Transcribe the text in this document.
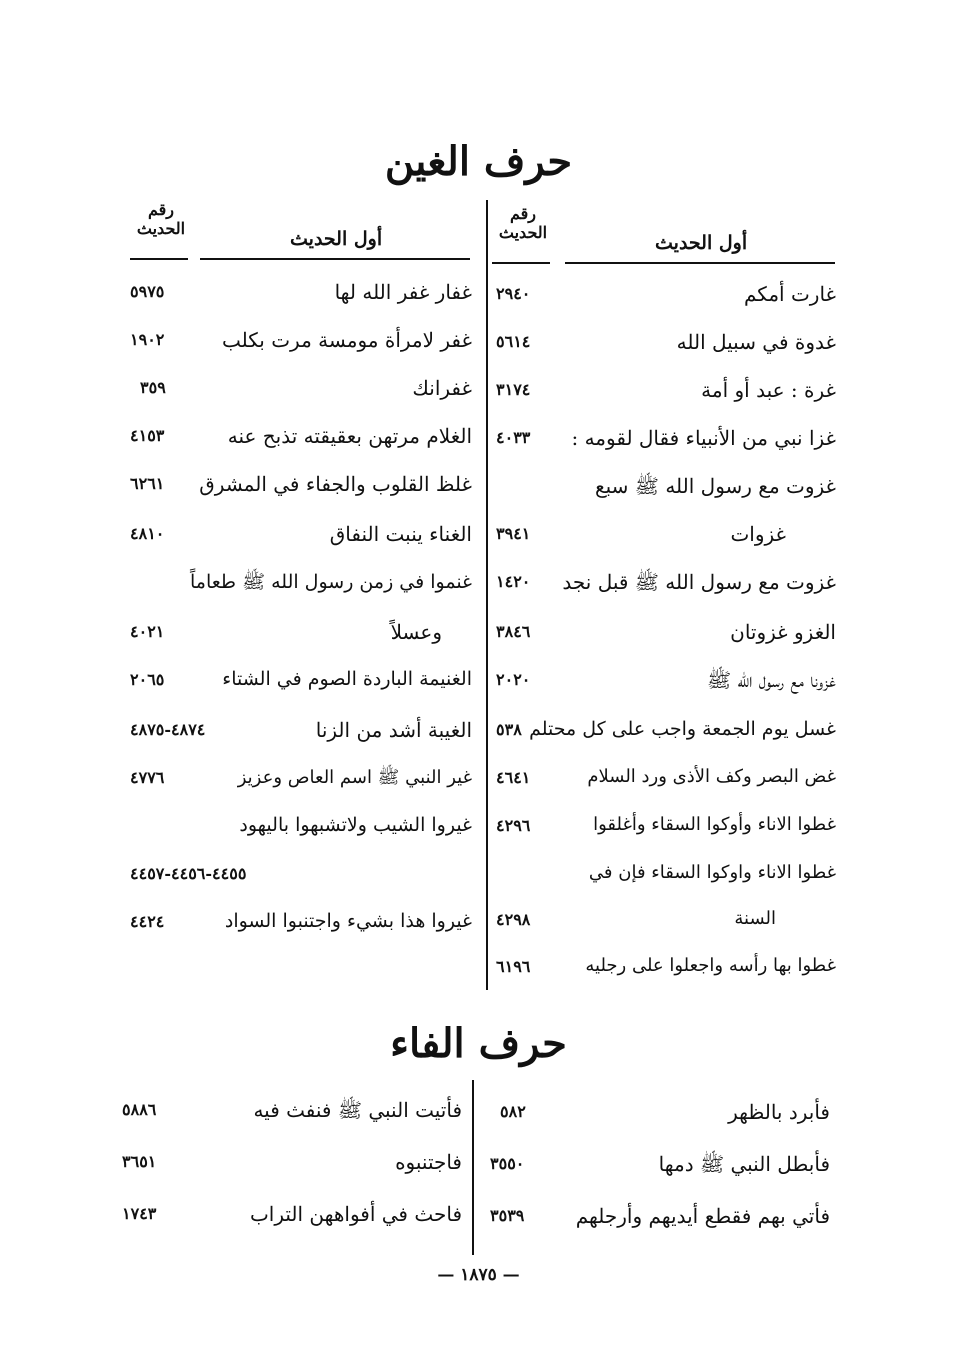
حرف الغين
أول الحديث
رقم
الحديث
أول الحديث
رقم
الحديث
غارت أمكم
٢٩٤٠
غدوة في سبيل الله
٥٦١٤
غرة : عبد أو أمة
٣١٧٤
غزا نبي من الأنبياء فقال لقومه :
٤٠٣٣
غزوت مع رسول الله ﷺ سبع
غزوات
٣٩٤١
غزوت مع رسول الله ﷺ قبل نجد
١٤٢٠
الغزو غزوتان
٣٨٤٦
غزونا مع رسول الله ﷺ
٢٠٢٠
غسل يوم الجمعة واجب على كل محتلم
٥٣٨
غض البصر وكف الأذى ورد السلام
٤٦٤١
غطوا الاناء وأوكوا السقاء وأغلقوا
٤٢٩٦
غطوا الاناء واوكوا السقاء فإن في
السنة
٤٢٩٨
غطوا بها رأسه واجعلوا على رجليه
٦١٩٦
غفار غفر الله لها
٥٩٧٥
غفر لامرأة مومسة مرت بكلب
١٩٠٢
غفرانك
٣٥٩
الغلام مرتهن بعقيقته تذبح عنه
٤١٥٣
غلظ القلوب والجفاء في المشرق
٦٢٦١
الغناء ينبت النفاق
٤٨١٠
غنموا في زمن رسول الله ﷺ طعاماً
وعسلاً
٤٠٢١
الغنيمة الباردة الصوم في الشتاء
٢٠٦٥
الغيبة أشد من الزنا
٤٨٧٤-٤٨٧٥
غير النبي ﷺ اسم العاص وعزيز
٤٧٧٦
غيروا الشيب ولاتشبهوا باليهود
٤٤٥٥-٤٤٥٦-٤٤٥٧
غيروا هذا بشيء واجتنبوا السواد
٤٤٢٤
حرف الفاء
فأبرد بالظهر
٥٨٢
فأبطل النبي ﷺ دمها
٣٥٥٠
فأتي بهم فقطع أيديهم وأرجلهم
٣٥٣٩
فأتيت النبي ﷺ فنفث فيه
٥٨٨٦
فاجتنبوه
٣٦٥١
فاحث في أفواههن التراب
١٧٤٣
— ١٨٧٥ —
